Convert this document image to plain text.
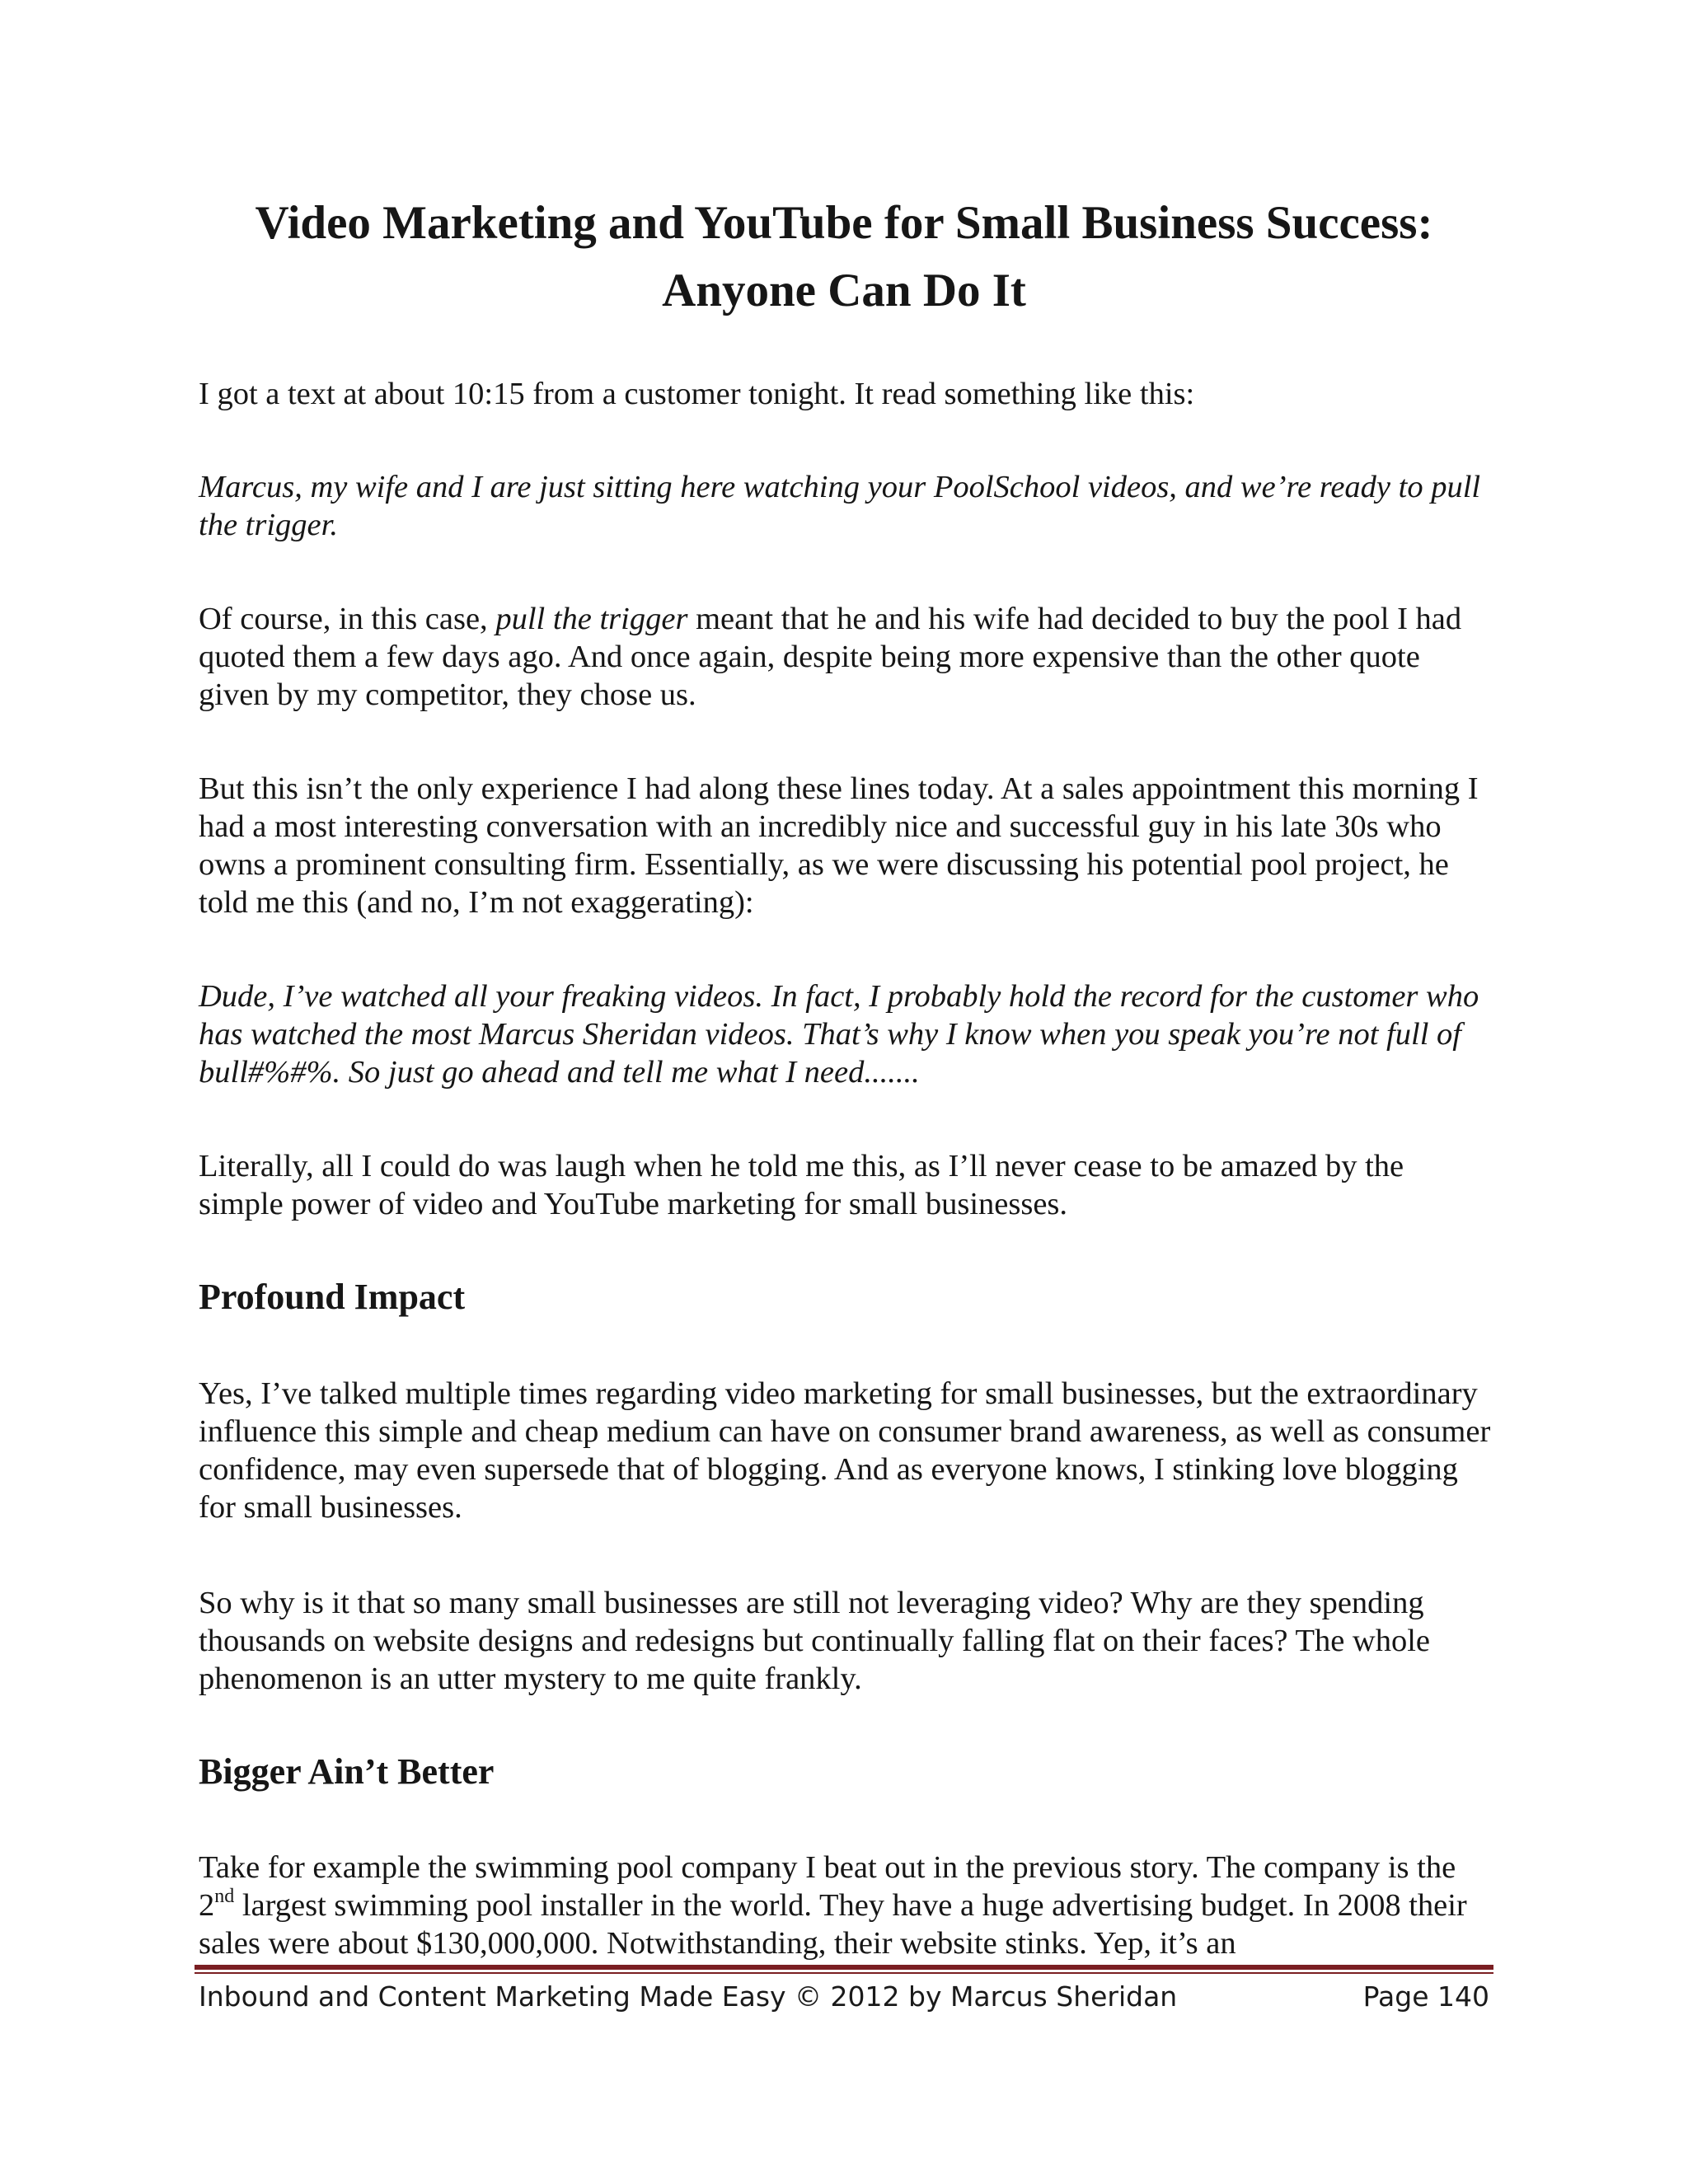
Video Marketing and YouTube for Small Business Success:
Anyone Can Do It

I got a text at about 10:15 from a customer tonight. It read something like this:

Marcus, my wife and I are just sitting here watching your PoolSchool videos, and we’re ready to pull the trigger.

Of course, in this case, pull the trigger meant that he and his wife had decided to buy the pool I had quoted them a few days ago. And once again, despite being more expensive than the other quote given by my competitor, they chose us.

But this isn’t the only experience I had along these lines today. At a sales appointment this morning I had a most interesting conversation with an incredibly nice and successful guy in his late 30s who owns a prominent consulting firm. Essentially, as we were discussing his potential pool project, he told me this (and no, I’m not exaggerating):

Dude, I’ve watched all your freaking videos. In fact, I probably hold the record for the customer who has watched the most Marcus Sheridan videos. That’s why I know when you speak you’re not full of bull#%#%. So just go ahead and tell me what I need.......

Literally, all I could do was laugh when he told me this, as I’ll never cease to be amazed by the simple power of video and YouTube marketing for small businesses.

Profound Impact

Yes, I’ve talked multiple times regarding video marketing for small businesses, but the extraordinary influence this simple and cheap medium can have on consumer brand awareness, as well as consumer confidence, may even supersede that of blogging. And as everyone knows, I stinking love blogging for small businesses.

So why is it that so many small businesses are still not leveraging video? Why are they spending thousands on website designs and redesigns but continually falling flat on their faces? The whole phenomenon is an utter mystery to me quite frankly.

Bigger Ain’t Better

Take for example the swimming pool company I beat out in the previous story. The company is the 2nd largest swimming pool installer in the world. They have a huge advertising budget. In 2008 their sales were about $130,000,000. Notwithstanding, their website stinks. Yep, it’s an

Inbound and Content Marketing Made Easy © 2012 by Marcus Sheridan	Page 140
